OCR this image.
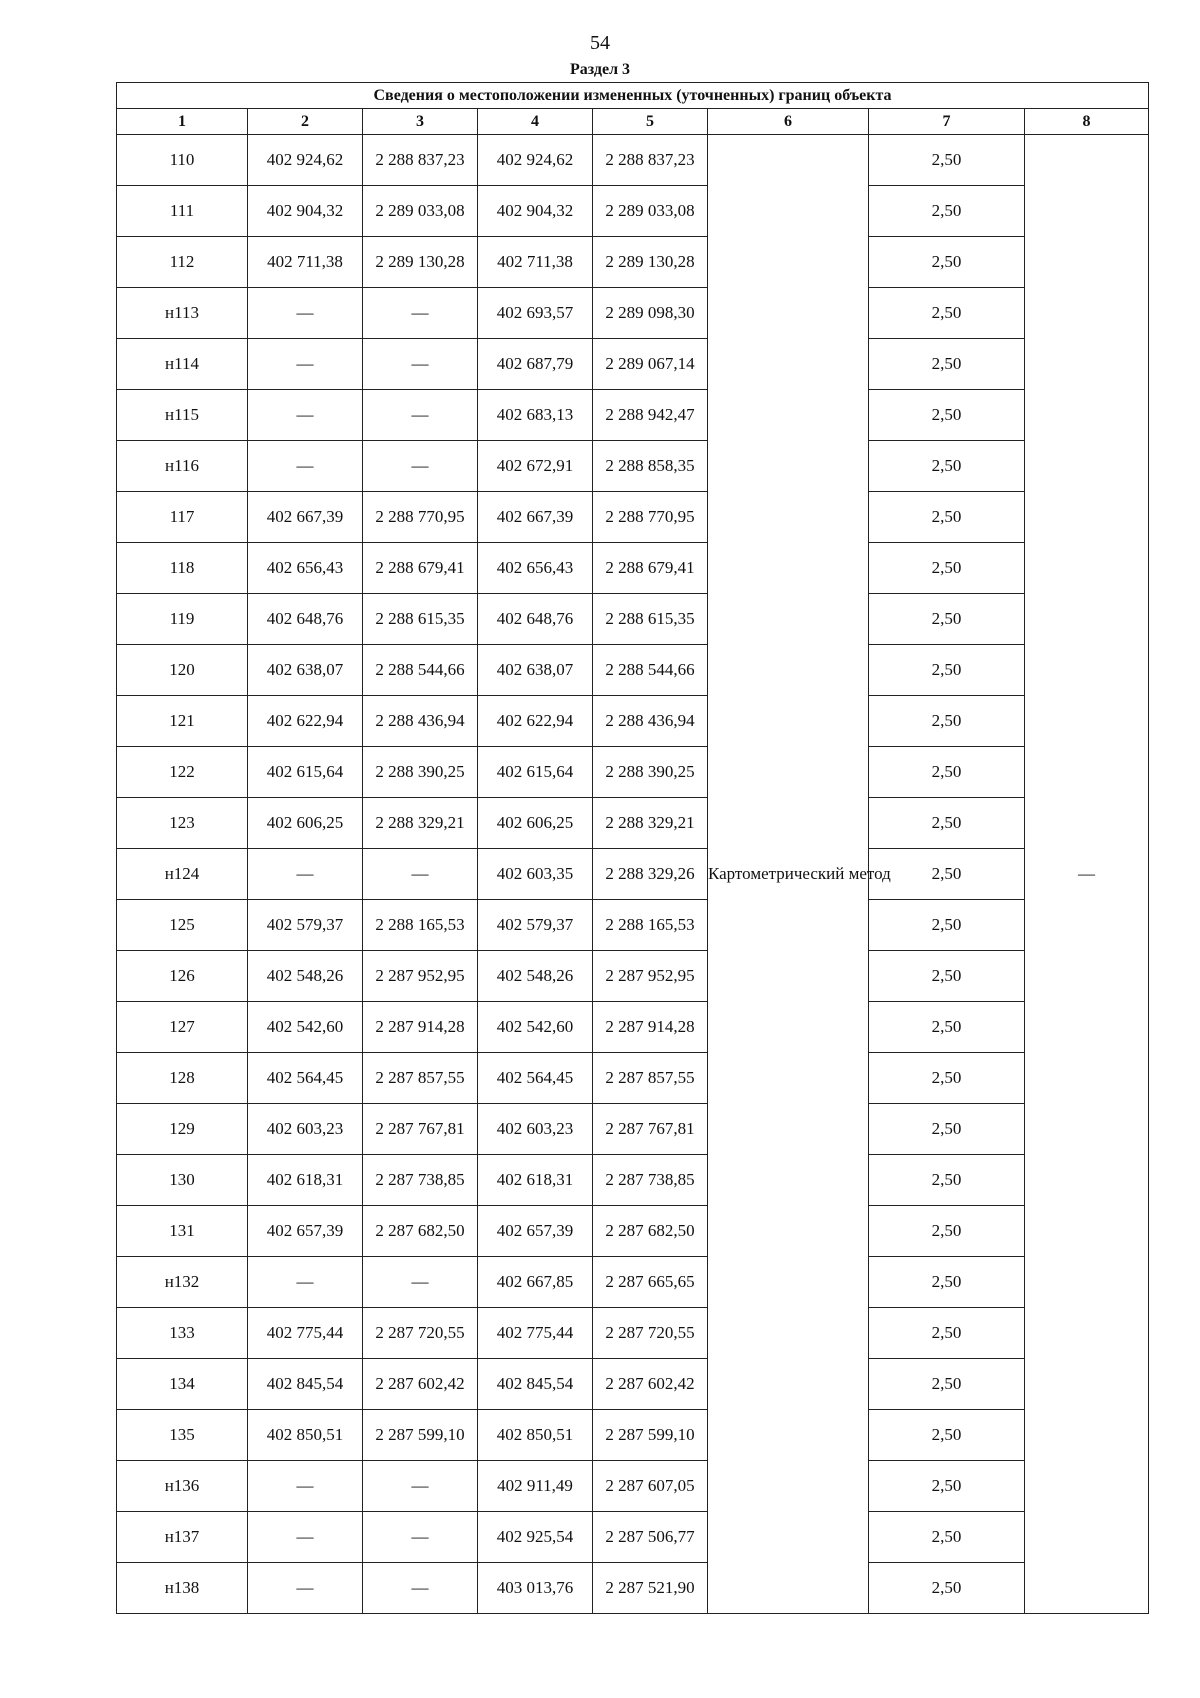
54
Раздел 3
Сведения о местоположении измененных (уточненных) границ объекта							
1	2	3	4	5	6	7	8
110	402 924,62	2 288 837,23	402 924,62	2 288 837,23	Картометрический метод	2,50	—
111	402 904,32	2 289 033,08	402 904,32	2 289 033,08		2,50	
112	402 711,38	2 289 130,28	402 711,38	2 289 130,28		2,50	
н113	—	—	402 693,57	2 289 098,30		2,50	
н114	—	—	402 687,79	2 289 067,14		2,50	
н115	—	—	402 683,13	2 288 942,47		2,50	
н116	—	—	402 672,91	2 288 858,35		2,50	
117	402 667,39	2 288 770,95	402 667,39	2 288 770,95		2,50	
118	402 656,43	2 288 679,41	402 656,43	2 288 679,41		2,50	
119	402 648,76	2 288 615,35	402 648,76	2 288 615,35		2,50	
120	402 638,07	2 288 544,66	402 638,07	2 288 544,66		2,50	
121	402 622,94	2 288 436,94	402 622,94	2 288 436,94		2,50	
122	402 615,64	2 288 390,25	402 615,64	2 288 390,25		2,50	
123	402 606,25	2 288 329,21	402 606,25	2 288 329,21		2,50	
н124	—	—	402 603,35	2 288 329,26		2,50	
125	402 579,37	2 288 165,53	402 579,37	2 288 165,53		2,50	
126	402 548,26	2 287 952,95	402 548,26	2 287 952,95		2,50	
127	402 542,60	2 287 914,28	402 542,60	2 287 914,28		2,50	
128	402 564,45	2 287 857,55	402 564,45	2 287 857,55		2,50	
129	402 603,23	2 287 767,81	402 603,23	2 287 767,81		2,50	
130	402 618,31	2 287 738,85	402 618,31	2 287 738,85		2,50	
131	402 657,39	2 287 682,50	402 657,39	2 287 682,50		2,50	
н132	—	—	402 667,85	2 287 665,65		2,50	
133	402 775,44	2 287 720,55	402 775,44	2 287 720,55		2,50	
134	402 845,54	2 287 602,42	402 845,54	2 287 602,42		2,50	
135	402 850,51	2 287 599,10	402 850,51	2 287 599,10		2,50	
н136	—	—	402 911,49	2 287 607,05		2,50	
н137	—	—	402 925,54	2 287 506,77		2,50	
н138	—	—	403 013,76	2 287 521,90		2,50	
